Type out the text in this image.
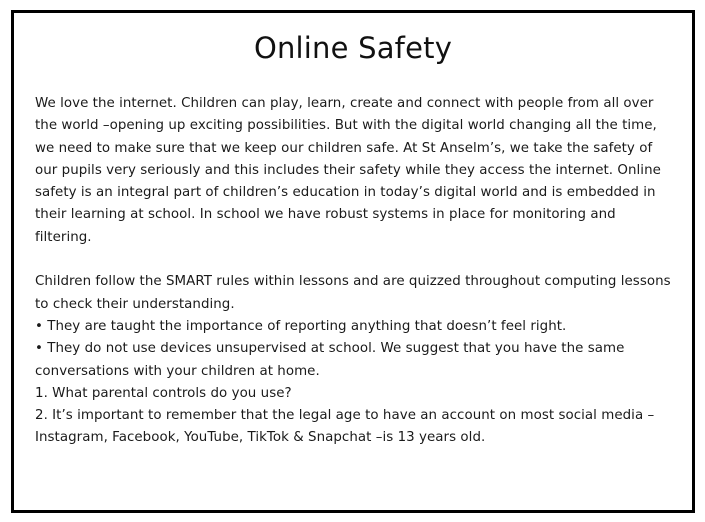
Online Safety

We love the internet. Children can play, learn, create and connect with people from all over the world –opening up exciting possibilities. But with the digital world changing all the time, we need to make sure that we keep our children safe. At St Anselm’s, we take the safety of our pupils very seriously and this includes their safety while they access the internet. Online safety is an integral part of children’s education in today’s digital world and is embedded in their learning at school. In school we have robust systems in place for monitoring and filtering.

Children follow the SMART rules within lessons and are quizzed throughout computing lessons to check their understanding.

• They are taught the importance of reporting anything that doesn’t feel right.

• They do not use devices unsupervised at school. We suggest that you have the same conversations with your children at home.

1. What parental controls do you use?

2. It’s important to remember that the legal age to have an account on most social media – Instagram, Facebook, YouTube, TikTok & Snapchat –is 13 years old.
